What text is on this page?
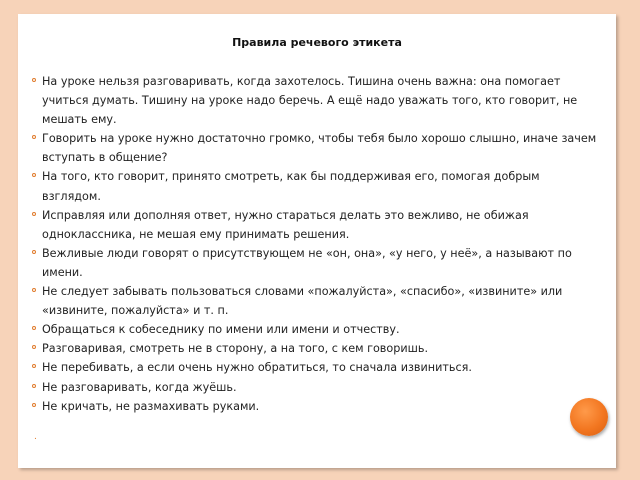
Правила речевого этикета
На уроке нельзя разговаривать, когда захотелось. Тишина очень важна: она помогает учиться думать. Тишину на уроке надо беречь. А ещё надо уважать того, кто говорит, не мешать ему.
Говорить на уроке нужно достаточно громко, чтобы тебя было хорошо слышно, иначе зачем вступать в общение?
На того, кто говорит, принято смотреть, как бы поддерживая его, помогая добрым взглядом.
Исправляя или дополняя ответ, нужно стараться делать это вежливо, не обижая одноклассника, не мешая ему принимать решения.
Вежливые люди говорят о присутствующем не «он, она», «у него, у неё», а называют по имени.
Не следует забывать пользоваться словами «пожалуйста», «спасибо», «извините» или «извините, пожалуйста» и т. п.
Обращаться к собеседнику по имени или имени и отчеству.
Разговаривая, смотреть не в сторону, а на того, с кем говоришь.
Не перебивать, а если очень нужно обратиться, то сначала извиниться.
Не разговаривать, когда жуёшь.
Не кричать, не размахивать руками.
.
